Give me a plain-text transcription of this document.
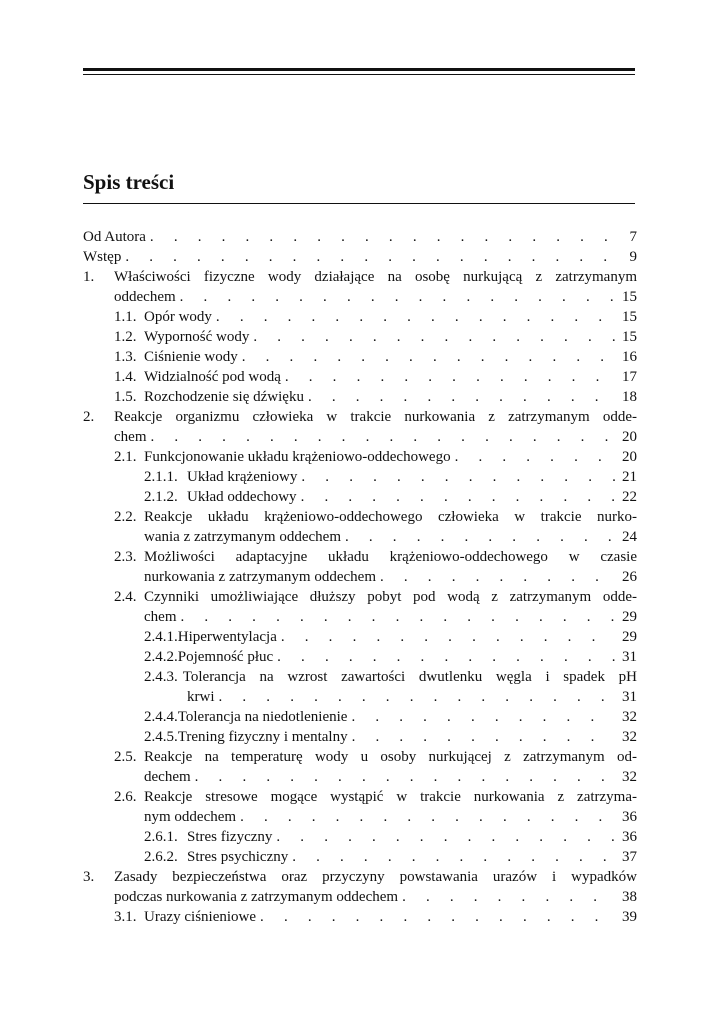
Spis treści
Od Autora . . .	7
Wstęp . . .	9
1. Właściwości fizyczne wody działające na osobę nurkującą z zatrzymanym
oddechem . . .	15
1.1. Opór wody . . .	15
1.2. Wyporność wody . . .	15
1.3. Ciśnienie wody . . .	16
1.4. Widzialność pod wodą . . .	17
1.5. Rozchodzenie się dźwięku . . .	18
2. Reakcje organizmu człowieka w trakcie nurkowania z zatrzymanym odde-
chem . . .	20
2.1. Funkcjonowanie układu krążeniowo-oddechowego . . .	20
2.1.1. Układ krążeniowy . . .	21
2.1.2. Układ oddechowy . . .	22
2.2. Reakcje układu krążeniowo-oddechowego człowieka w trakcie nurko-
wania z zatrzymanym oddechem . . .	24
2.3. Możliwości adaptacyjne układu krążeniowo-oddechowego w czasie
nurkowania z zatrzymanym oddechem . . .	26
2.4. Czynniki umożliwiające dłuższy pobyt pod wodą z zatrzymanym odde-
chem . . .	29
2.4.1. Hiperwentylacja . . .	29
2.4.2. Pojemność płuc . . .	31
2.4.3. Tolerancja na wzrost zawartości dwutlenku węgla i spadek pH
krwi . . .	31
2.4.4. Tolerancja na niedotlenienie . . .	32
2.4.5. Trening fizyczny i mentalny . . .	32
2.5. Reakcje na temperaturę wody u osoby nurkującej z zatrzymanym od-
dechem . . .	32
2.6. Reakcje stresowe mogące wystąpić w trakcie nurkowania z zatrzyma-
nym oddechem . . .	36
2.6.1. Stres fizyczny . . .	36
2.6.2. Stres psychiczny . . .	37
3. Zasady bezpieczeństwa oraz przyczyny powstawania urazów i wypadków
podczas nurkowania z zatrzymanym oddechem . . .	38
3.1. Urazy ciśnieniowe . . .	39
